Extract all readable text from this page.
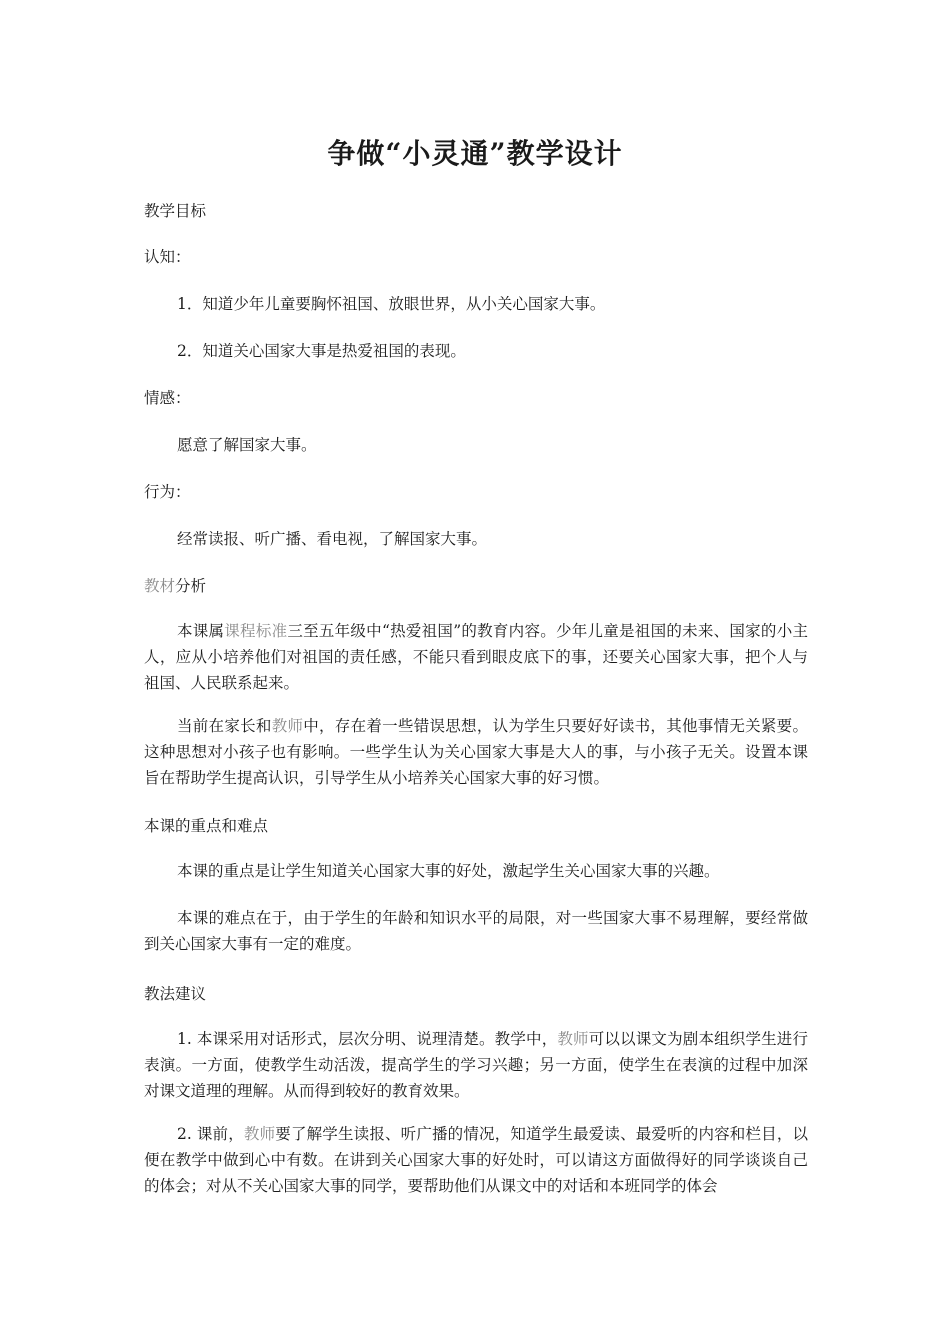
争做“小灵通”教学设计
教学目标
认知：
1．知道少年儿童要胸怀祖国、放眼世界，从小关心国家大事。
2．知道关心国家大事是热爱祖国的表现。
情感：
愿意了解国家大事。
行为：
经常读报、听广播、看电视，了解国家大事。
教材分析

本课属课程标准三至五年级中“热爱祖国”的教育内容。少年儿童是祖国的未来、国家的小主人，应从小培养他们对祖国的责任感，不能只看到眼皮底下的事，还要关心国家大事，把个人与祖国、人民联系起来。

当前在家长和教师中，存在着一些错误思想，认为学生只要好好读书，其他事情无关紧要。这种思想对小孩子也有影响。一些学生认为关心国家大事是大人的事，与小孩子无关。设置本课旨在帮助学生提高认识，引导学生从小培养关心国家大事的好习惯。

本课的重点和难点

本课的重点是让学生知道关心国家大事的好处，激起学生关心国家大事的兴趣。

本课的难点在于，由于学生的年龄和知识水平的局限，对一些国家大事不易理解，要经常做到关心国家大事有一定的难度。

教法建议

1. 本课采用对话形式，层次分明、说理清楚。教学中，教师可以以课文为剧本组织学生进行表演。一方面，使教学生动活泼，提高学生的学习兴趣；另一方面，使学生在表演的过程中加深对课文道理的理解。从而得到较好的教育效果。

2. 课前，教师要了解学生读报、听广播的情况，知道学生最爱读、最爱听的内容和栏目，以便在教学中做到心中有数。在讲到关心国家大事的好处时，可以请这方面做得好的同学谈谈自己的体会；对从不关心国家大事的同学，要帮助他们从课文中的对话和本班同学的体会
